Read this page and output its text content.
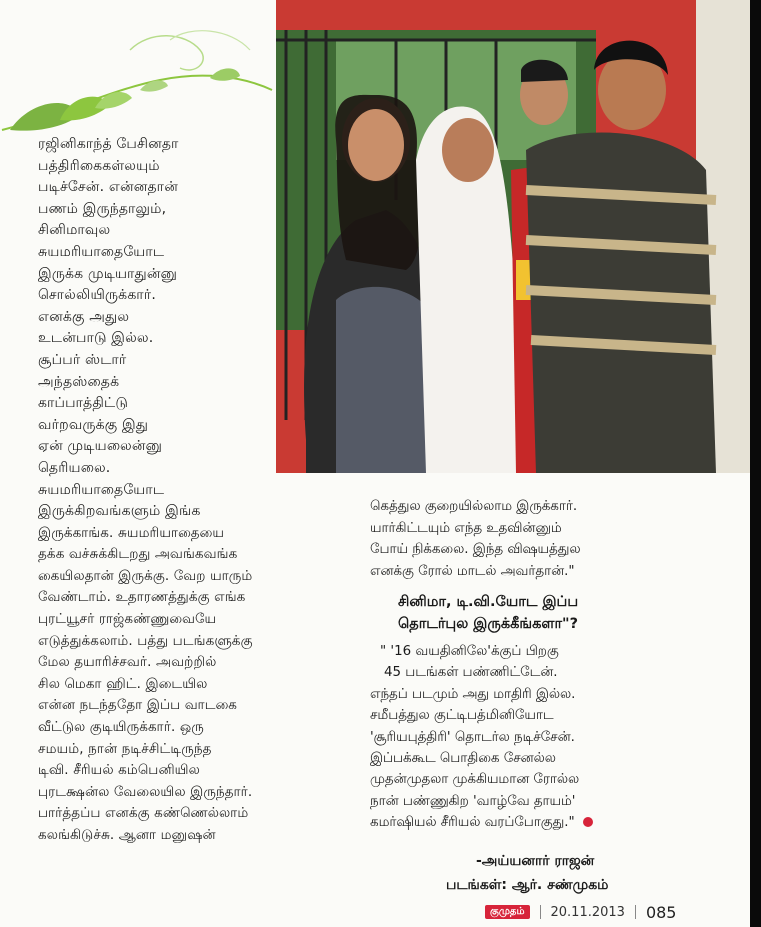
ரஜினிகாந்த் பேசினதா
பத்திரிகைகள்லயும்
படிச்சேன். என்னதான்
பணம் இருந்தாலும்,
சினிமாவுல
சுயமரியாதையோட
இருக்க முடியாதுன்னு
சொல்லியிருக்கார்.
எனக்கு அதுல
உடன்பாடு இல்ல.
சூப்பர் ஸ்டார்
அந்தஸ்தைக்
காப்பாத்திட்டு
வர்றவருக்கு இது
ஏன் முடியலைன்னு
தெரியலை.
சுயமரியாதையோட
இருக்கிறவங்களும் இங்க
இருக்காங்க. சுயமரியாதையை
தக்க வச்சுக்கிடறது அவங்கவங்க
கையிலதான் இருக்கு. வேற யாரும்
வேண்டாம். உதாரணத்துக்கு எங்க
புரட்யூசர் ராஜ்கண்ணுவையே
எடுத்துக்கலாம். பத்து படங்களுக்கு
மேல தயாரிச்சவர். அவற்றில்
சில மெகா ஹிட். இடையில
என்ன நடந்ததோ இப்ப வாடகை
வீட்டுல குடியிருக்கார். ஒரு
சமயம், நான் நடிச்சிட்டிருந்த
டிவி. சீரியல் கம்பெனியில
புரடக்ஷன்ல வேலையில இருந்தார்.
பார்த்தப்ப எனக்கு கண்ணெல்லாம்
கலங்கிடுச்சு. ஆனா மனுஷன்
கெத்துல குறையில்லாம இருக்கார்.
யார்கிட்டயும் எந்த உதவின்னும்
போய் நிக்கலை. இந்த விஷயத்துல
எனக்கு ரோல் மாடல் அவர்தான்."
சினிமா, டி.வி.யோட இப்ப
தொடர்புல இருக்கீங்களா"?
" '16 வயதினிலே'க்குப் பிறகு
45 படங்கள் பண்ணிட்டேன்.
எந்தப் படமும் அது மாதிரி இல்ல.
சமீபத்துல குட்டிபத்மினியோட
'சூரியபுத்திரி' தொடர்ல நடிச்சேன்.
இப்பக்கூட பொதிகை சேனல்ல
முதன்முதலா முக்கியமான ரோல்ல
நான் பண்ணுகிற 'வாழ்வே தாயம்'
கமர்ஷியல் சீரியல் வரப்போகுது."
-அய்யனார் ராஜன்
படங்கள்: ஆர். சண்முகம்
குமுதம்	20.11.2013 085
